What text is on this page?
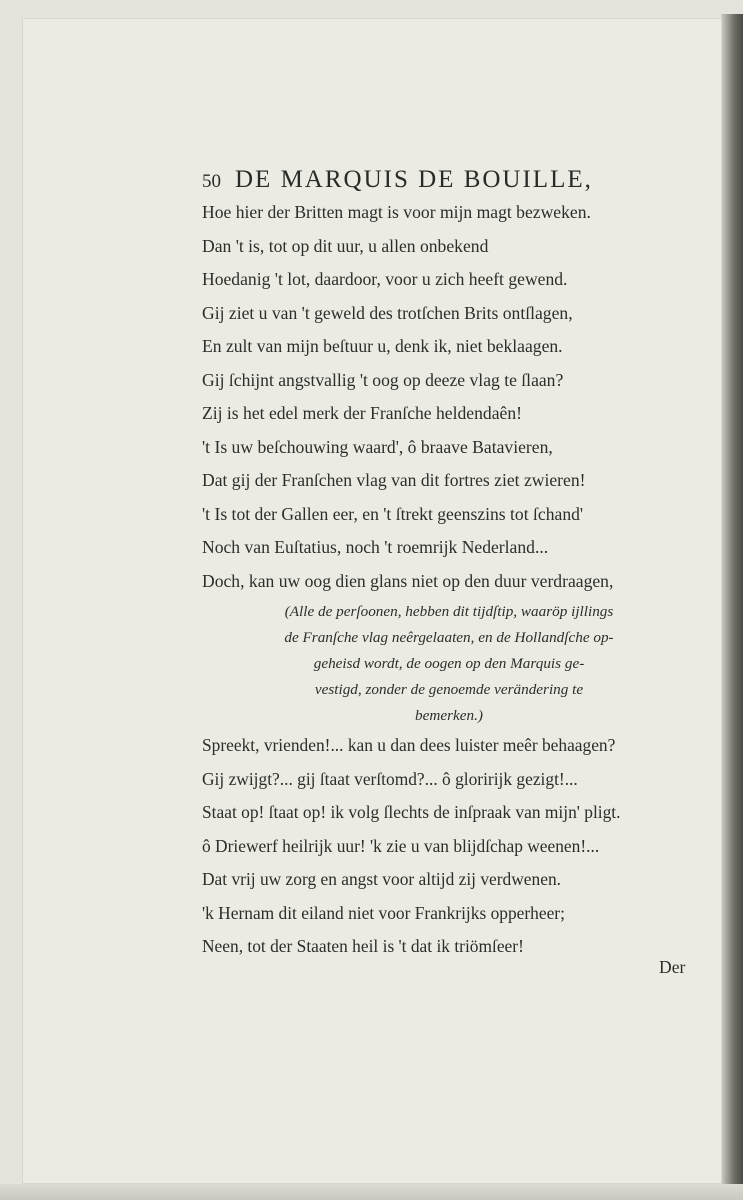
50 DE MARQUIS DE BOUILLE,
Hoe hier der Britten magt is voor mijn magt bezweken.
Dan 't is, tot op dit uur, u allen onbekend
Hoedanig 't lot, daardoor, voor u zich heeft gewend.
Gij ziet u van 't geweld des trotſchen Brits ontſlagen,
En zult van mijn beſtuur u, denk ik, niet beklaagen.
Gij ſchijnt angstvallig 't oog op deeze vlag te ſlaan?
Zij is het edel merk der Franſche heldendaên!
't Is uw beſchouwing waard', ô braave Batavieren,
Dat gij der Franſchen vlag van dit fortres ziet zwieren!
't Is tot der Gallen eer, en 't ſtrekt geenszins tot ſchand'
Noch van Euſtatius, noch 't roemrijk Nederland...
Doch, kan uw oog dien glans niet op den duur verdraagen,
(Alle de perſoonen, hebben dit tijdſtip, waaröp ijllings
de Franſche vlag neêrgelaaten, en de Hollandſche op-
geheisd wordt, de oogen op den Marquis ge-
vestigd, zonder de genoemde verändering te
bemerken.)
Spreekt, vrienden!... kan u dan dees luister meêr behaagen?
Gij zwijgt?... gij ſtaat verſtomd?... ô gloririjk gezigt!...
Staat op! ſtaat op! ik volg ſlechts de inſpraak van mijn' pligt.
ô Driewerf heilrijk uur! 'k zie u van blijdſchap weenen!...
Dat vrij uw zorg en angst voor altijd zij verdwenen.
'k Hernam dit eiland niet voor Frankrijks opperheer;
Neen, tot der Staaten heil is 't dat ik triömſeer!
Der
